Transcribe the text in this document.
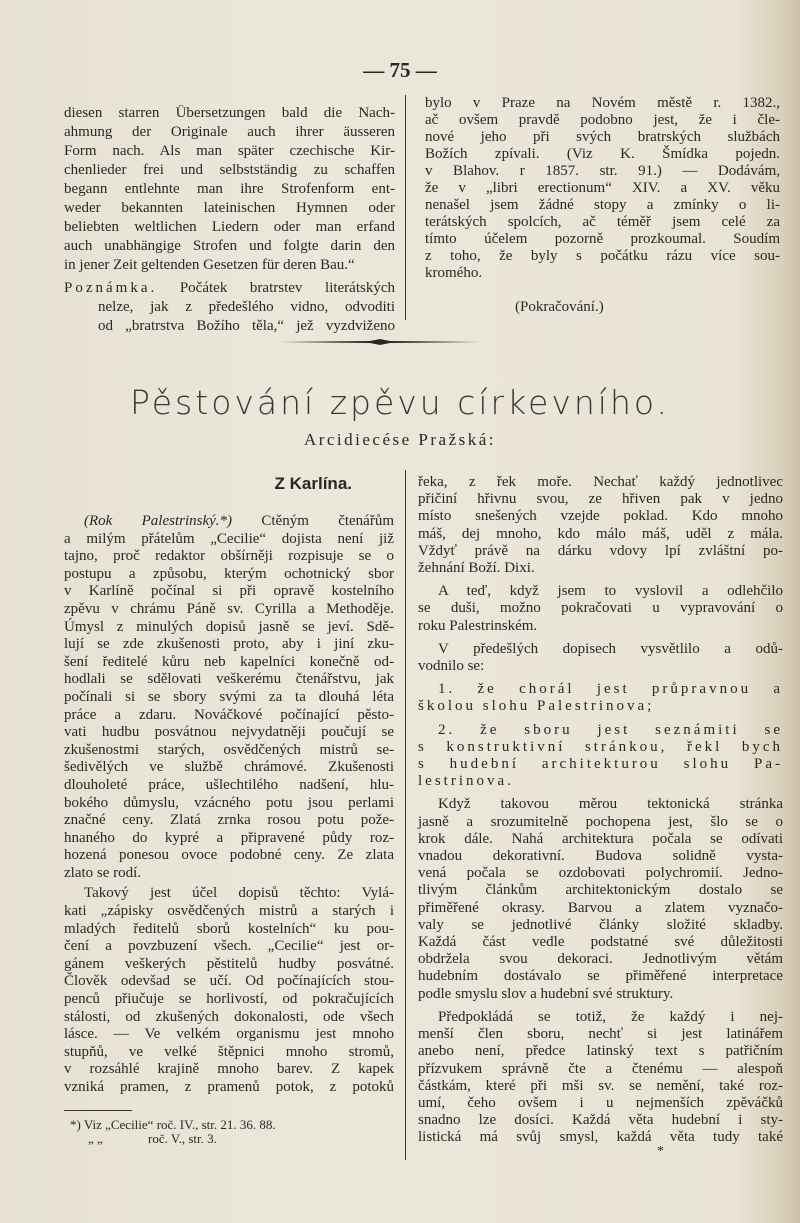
— 75 —
diesen starren Übersetzungen bald die Nach-
ahmung der Originale auch ihrer äusseren
Form nach. Als man später czechische Kir-
chenlieder frei und selbstständig zu schaffen
begann entlehnte man ihre Strofenform ent-
weder bekannten lateinischen Hymnen oder
beliebten weltlichen Liedern oder man erfand
auch unabhängige Strofen und folgte darin den
in jener Zeit geltenden Gesetzen für deren Bau.“
Poznámka. Počátek bratrstev literátských
nelze, jak z předešlého vidno, odvoditi
od „bratrstva Božího těla,“ jež vyzdviženo
bylo v Praze na Novém městě r. 1382.,
ač ovšem pravdě podobno jest, že i čle-
nové jeho při svých bratrských službách
Božích zpívali. (Viz K. Šmídka pojedn.
v Blahov. r 1857. str. 91.) — Dodávám,
že v „libri erectionum“ XIV. a XV. věku
nenašel jsem žádné stopy a zmínky o li-
terátských spolcích, ač téměř jsem celé za
tímto účelem pozorně prozkoumal. Soudím
z toho, že byly s počátku rázu více sou-
kromého.
(Pokračování.)
Pěstování zpěvu církevního.
Arcidiecése Pražská:
Z Karlína.
(Rok Palestrinský.*) Ctěným čtenářům
a milým přátelům „Cecilie“ dojista není již
tajno, proč redaktor obšírněji rozpisuje se o
postupu a způsobu, kterým ochotnický sbor
v Karlíně počínal si při opravě kostelního
zpěvu v chrámu Páně sv. Cyrilla a Methoděje.
Úmysl z minulých dopisů jasně se jeví. Sdě-
lují se zde zkušenosti proto, aby i jiní zku-
šení ředitelé kůru neb kapelníci konečně od-
hodlali se sdělovati veškerému čtenářstvu, jak
počínali si se sbory svými za ta dlouhá léta
práce a zdaru. Nováčkové počínající pěsto-
vati hudbu posvátnou nejvydatněji poučují se
zkušenostmi starých, osvědčených mistrů se-
šedivělých ve službě chrámové. Zkušenosti
dlouholeté práce, ušlechtilého nadšení, hlu-
bokého důmyslu, vzácného potu jsou perlami
značné ceny. Zlatá zrnka rosou potu pože-
hnaného do kypré a připravené půdy roz-
hozená ponesou ovoce podobné ceny. Ze zlata
zlato se rodí.
Takový jest účel dopisů těchto: Vylá-
kati „zápisky osvědčených mistrů a starých i
mladých ředitelů sborů kostelních“ ku pou-
čení a povzbuzení všech. „Cecilie“ jest or-
gánem veškerých pěstitelů hudby posvátné.
Člověk odevšad se učí. Od počínajících stou-
penců přiučuje se horlivostí, od pokračujících
stálosti, od zkušených dokonalosti, ode všech
lásce. — Ve velkém organismu jest mnoho
stupňů, ve velké štěpnici mnoho stromů,
v rozsáhlé krajině mnoho barev. Z kapek
vzniká pramen, z pramenů potok, z potoků
řeka, z řek moře. Nechať každý jednotlivec
přičiní hřivnu svou, ze hřiven pak v jedno
místo snešených vzejde poklad. Kdo mnoho
máš, dej mnoho, kdo málo máš, uděl z mála.
Vždyť právě na dárku vdovy lpí zvláštní po-
žehnání Boží. Dixi.
A teď, když jsem to vyslovil a odlehčilo
se duši, možno pokračovati u vypravování o
roku Palestrinském.
V předešlých dopisech vysvětlilo a odů-
vodnilo se:
1. že chorál jest průpravnou a
školou slohu Palestrinova;
2. že sboru jest seznámiti se
s konstruktivní stránkou, řekl bych
s hudební architekturou slohu Pa-
lestrinova.
Když takovou měrou tektonická stránka
jasně a srozumitelně pochopena jest, šlo se o
krok dále. Nahá architektura počala se odívati
vnadou dekorativní. Budova solidně vysta-
vená počala se ozdobovati polychromií. Jedno-
tlivým článkům architektonickým dostalo se
přiměřené okrasy. Barvou a zlatem vyznačo-
valy se jednotlivé články složité skladby.
Každá část vedle podstatné své důležitosti
obdržela svou dekoraci. Jednotlivým větám
hudebním dostávalo se přiměřené interpretace
podle smyslu slov a hudební své struktury.
Předpokládá se totiž, že každý i nej-
menší člen sboru, nechť si jest latinářem
anebo není, předce latinský text s patřičním
přízvukem správně čte a čtenému — alespoň
částkám, které při mši sv. se nemění, také roz-
umí, čeho ovšem i u nejmenších zpěváčků
snadno lze dosíci. Každá věta hudební i sty-
listická má svůj smysl, každá věta tudy také
*) Viz „Cecilie“ roč. IV., str. 21. 36. 88.
„ „	roč. V., str. 3.
*
